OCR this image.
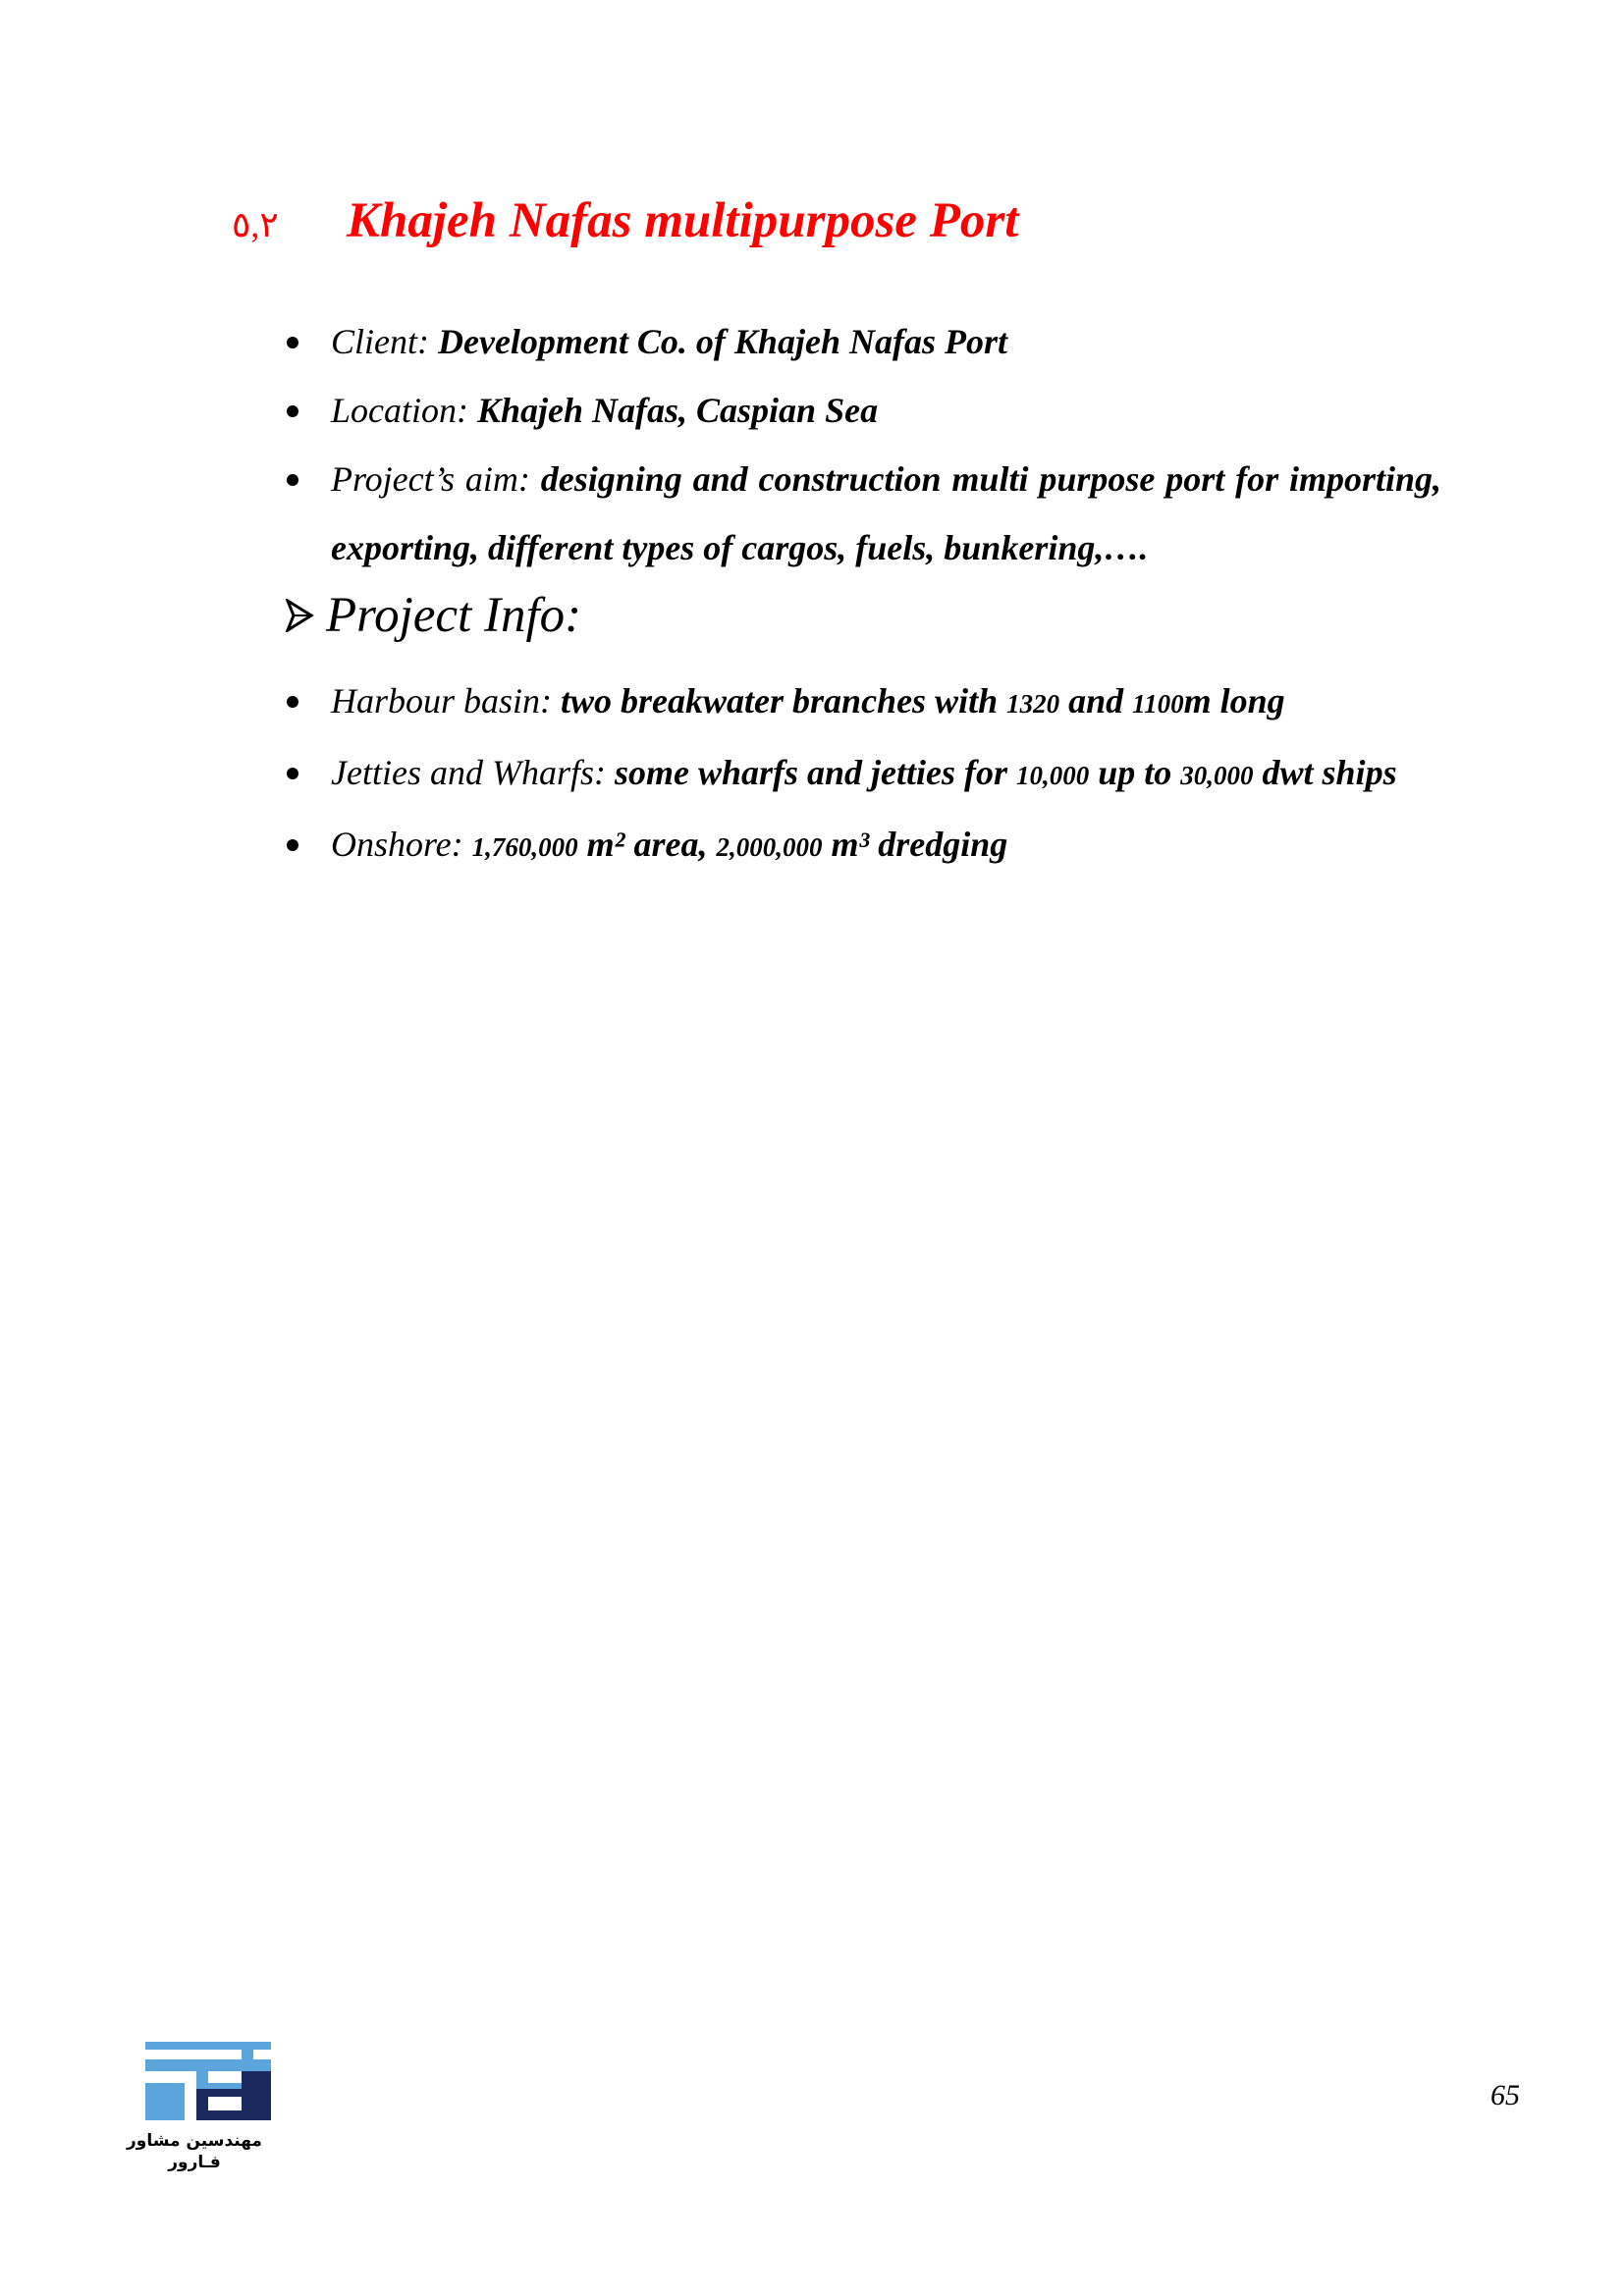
٥,٢ Khajeh Nafas multipurpose Port
Client: Development Co. of Khajeh Nafas Port
Location: Khajeh Nafas, Caspian Sea
Project’s aim: designing and construction multi purpose port for importing, exporting, different types of cargos, fuels, bunkering,….
Project Info:
Harbour basin: two breakwater branches with 1320 and 1100m long
Jetties and Wharfs: some wharfs and jetties for 10,000 up to 30,000 dwt ships
Onshore: 1,760,000 m² area, 2,000,000 m³ dredging
مهندسین مشاور
فـارور
65
